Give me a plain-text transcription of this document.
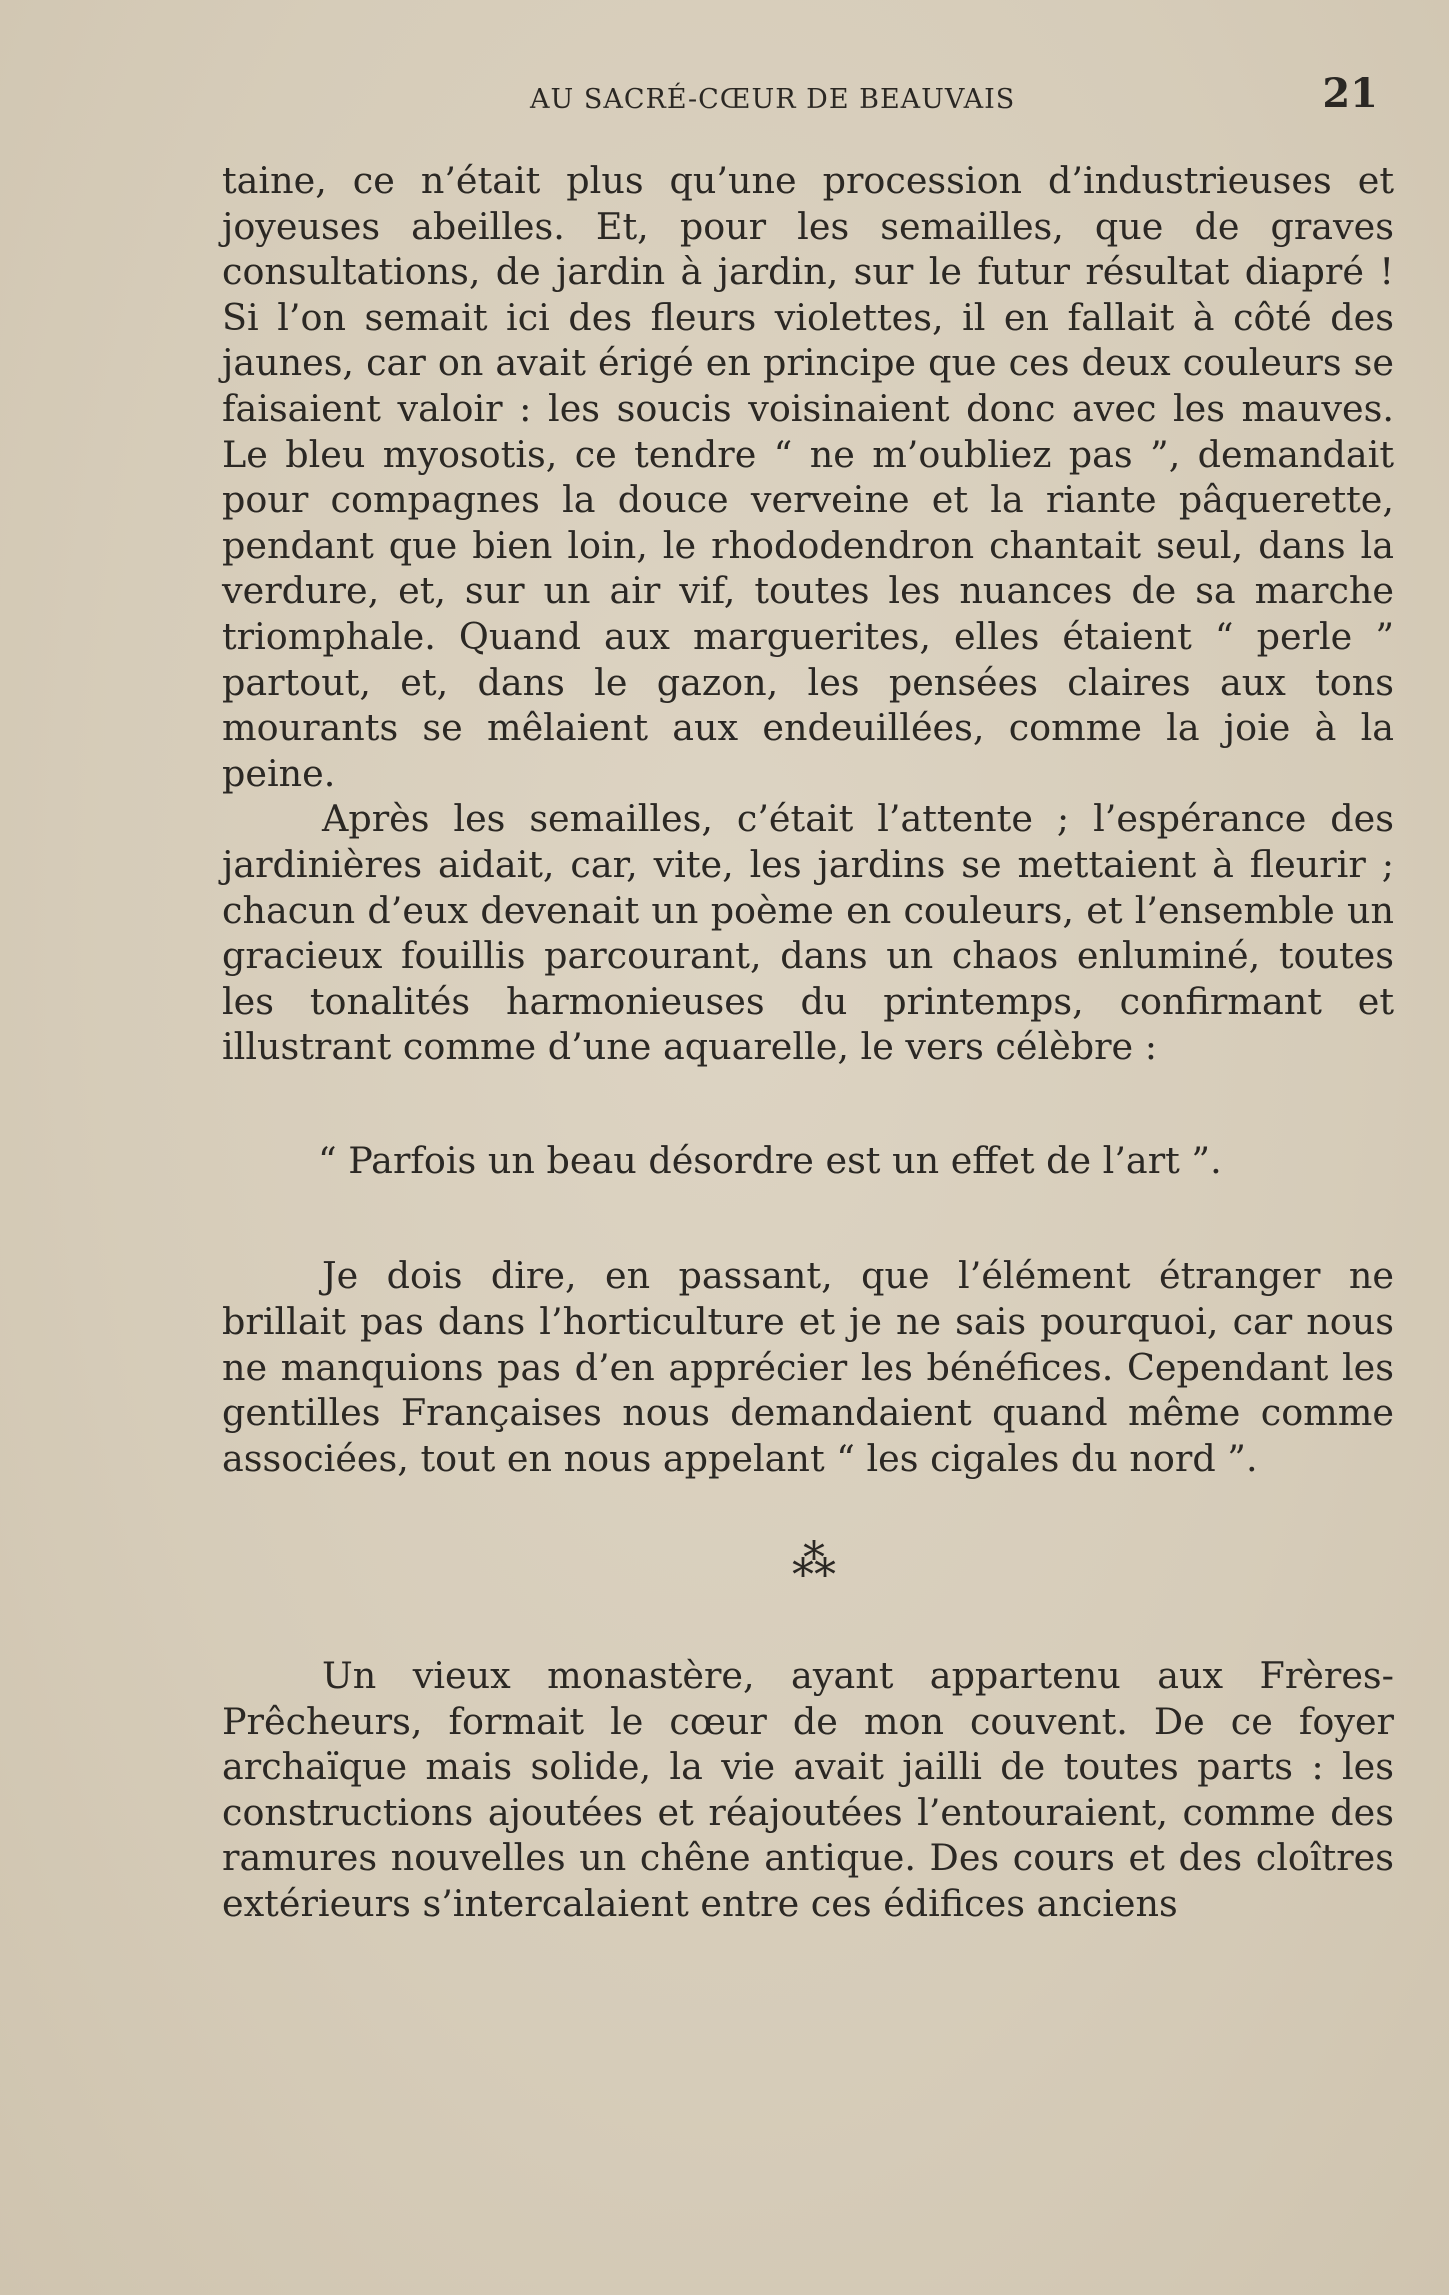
AU SACRÉ-CŒUR DE BEAUVAIS	21

taine, ce n’était plus qu’une procession d’industrieuses et joyeuses abeilles. Et, pour les semailles, que de graves consultations, de jardin à jardin, sur le futur résultat diapré ! Si l’on semait ici des fleurs violettes, il en fallait à côté des jaunes, car on avait érigé en principe que ces deux couleurs se faisaient valoir : les soucis voisinaient donc avec les mauves. Le bleu myosotis, ce tendre “ ne m’oubliez pas ”, demandait pour compagnes la douce verveine et la riante pâquerette, pendant que bien loin, le rhododendron chantait seul, dans la verdure, et, sur un air vif, toutes les nuances de sa marche triomphale. Quand aux marguerites, elles étaient “ perle ” partout, et, dans le gazon, les pensées claires aux tons mourants se mêlaient aux endeuillées, comme la joie à la peine.

Après les semailles, c’était l’attente ; l’espérance des jardinières aidait, car, vite, les jardins se mettaient à fleurir ; chacun d’eux devenait un poème en couleurs, et l’ensemble un gracieux fouillis parcourant, dans un chaos enluminé, toutes les tonalités harmonieuses du printemps, confirmant et illustrant comme d’une aquarelle, le vers célèbre :

“ Parfois un beau désordre est un effet de l’art ”.

Je dois dire, en passant, que l’élément étranger ne brillait pas dans l’horticulture et je ne sais pourquoi, car nous ne manquions pas d’en apprécier les bénéfices. Cependant les gentilles Françaises nous demandaient quand même comme associées, tout en nous appelant “ les cigales du nord ”.

⁂

Un vieux monastère, ayant appartenu aux Frères-Prêcheurs, formait le cœur de mon couvent. De ce foyer archaïque mais solide, la vie avait jailli de toutes parts : les constructions ajoutées et réajoutées l’entouraient, comme des ramures nouvelles un chêne antique. Des cours et des cloîtres extérieurs s’intercalaient entre ces édifices anciens
